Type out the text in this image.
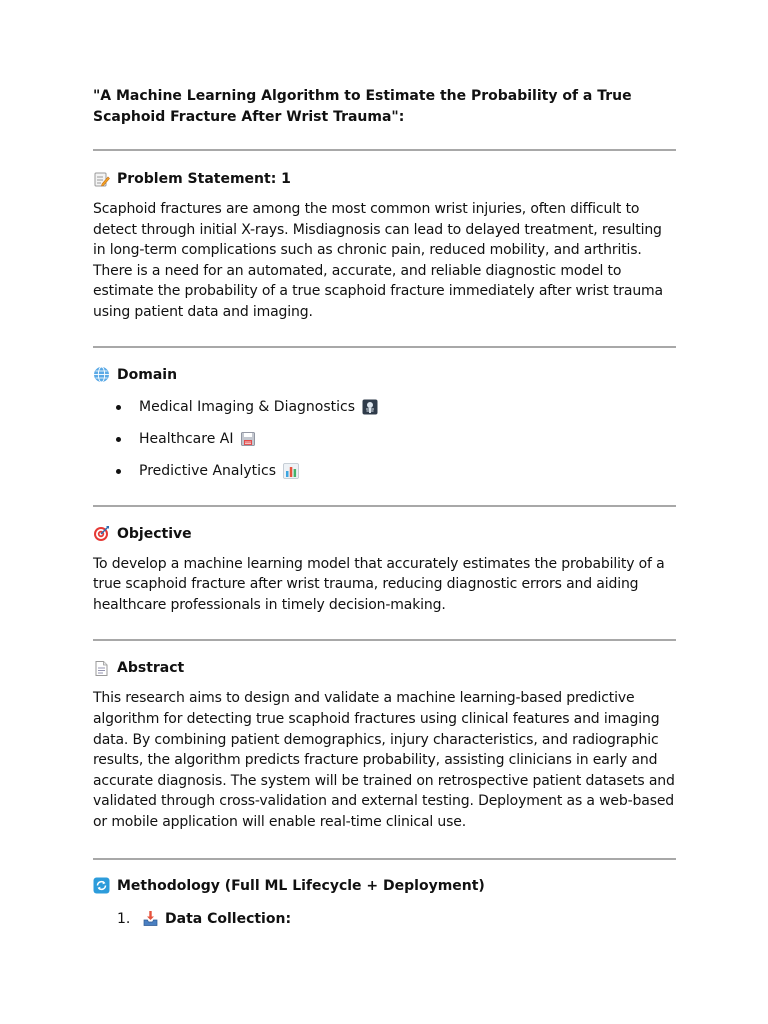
"A Machine Learning Algorithm to Estimate the Probability of a True Scaphoid Fracture After Wrist Trauma":

Problem Statement: 1

Scaphoid fractures are among the most common wrist injuries, often difficult to detect through initial X-rays. Misdiagnosis can lead to delayed treatment, resulting in long-term complications such as chronic pain, reduced mobility, and arthritis. There is a need for an automated, accurate, and reliable diagnostic model to estimate the probability of a true scaphoid fracture immediately after wrist trauma using patient data and imaging.

Domain
Medical Imaging & Diagnostics
Healthcare AI
Predictive Analytics
Objective

To develop a machine learning model that accurately estimates the probability of a true scaphoid fracture after wrist trauma, reducing diagnostic errors and aiding healthcare professionals in timely decision-making.

Abstract

This research aims to design and validate a machine learning-based predictive algorithm for detecting true scaphoid fractures using clinical features and imaging data. By combining patient demographics, injury characteristics, and radiographic results, the algorithm predicts fracture probability, assisting clinicians in early and accurate diagnosis. The system will be trained on retrospective patient datasets and validated through cross-validation and external testing. Deployment as a web-based or mobile application will enable real-time clinical use.

Methodology (Full ML Lifecycle + Deployment)
1.	Data Collection:
